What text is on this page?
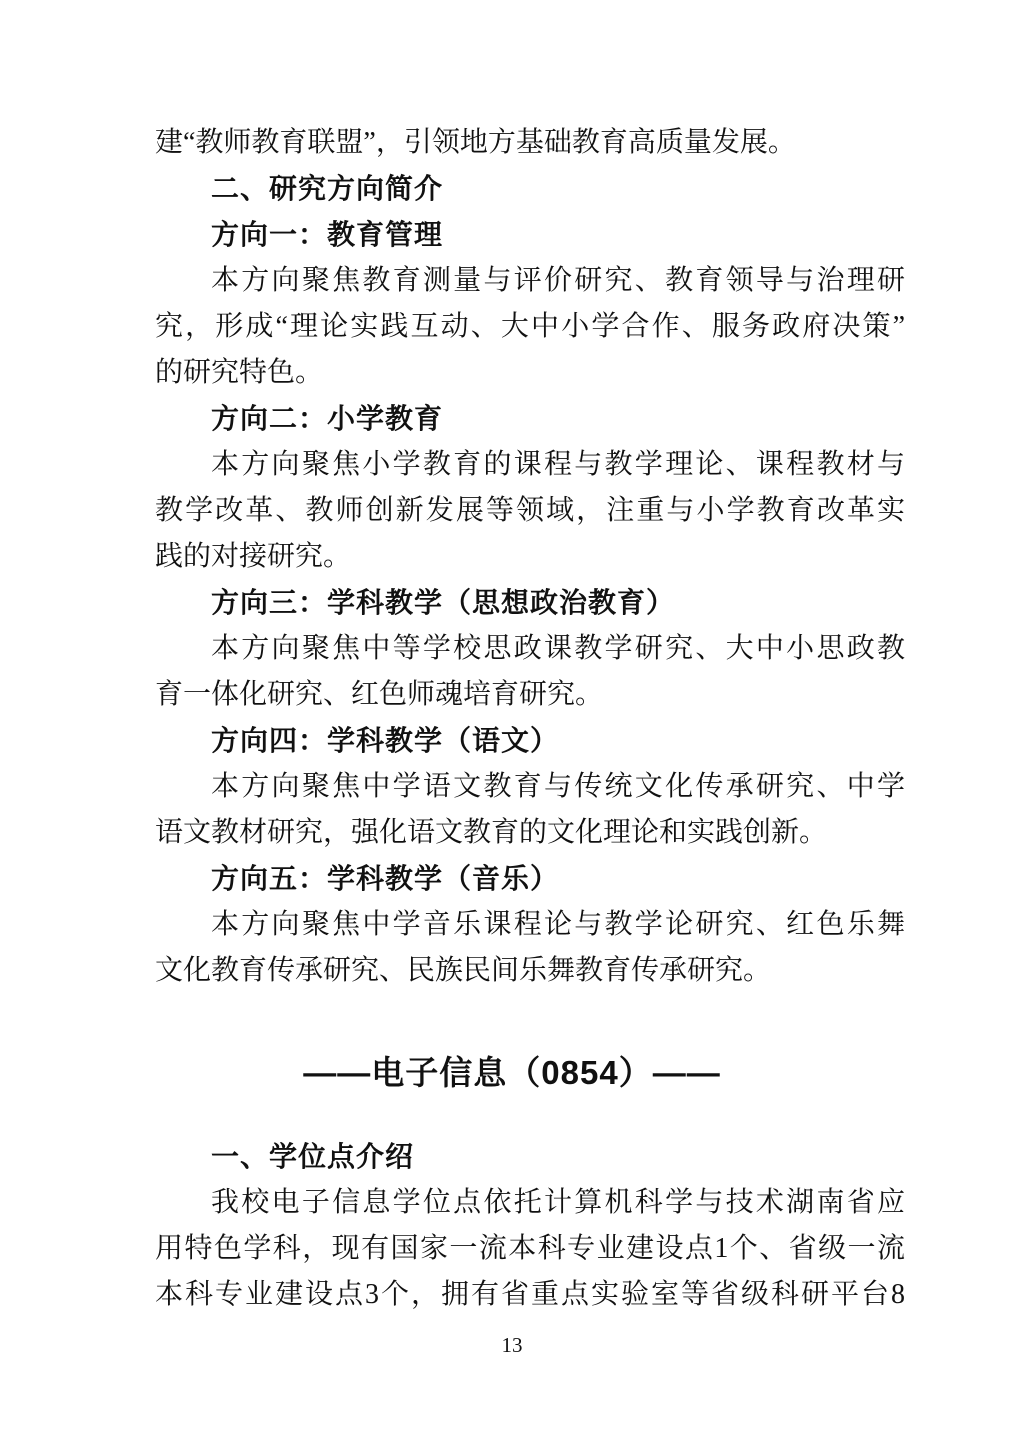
建“教师教育联盟”，引领地方基础教育高质量发展。
二、研究方向简介
方向一：教育管理
本方向聚焦教育测量与评价研究、教育领导与治理研
究，形成“理论实践互动、大中小学合作、服务政府决策”
的研究特色。
方向二：小学教育
本方向聚焦小学教育的课程与教学理论、课程教材与
教学改革、教师创新发展等领域，注重与小学教育改革实
践的对接研究。
方向三：学科教学（思想政治教育）
本方向聚焦中等学校思政课教学研究、大中小思政教
育一体化研究、红色师魂培育研究。
方向四：学科教学（语文）
本方向聚焦中学语文教育与传统文化传承研究、中学
语文教材研究，强化语文教育的文化理论和实践创新。
方向五：学科教学（音乐）
本方向聚焦中学音乐课程论与教学论研究、红色乐舞
文化教育传承研究、民族民间乐舞教育传承研究。
——电子信息（0854）——
一、学位点介绍
我校电子信息学位点依托计算机科学与技术湖南省应
用特色学科，现有国家一流本科专业建设点1个、省级一流
本科专业建设点3个，拥有省重点实验室等省级科研平台8
13
